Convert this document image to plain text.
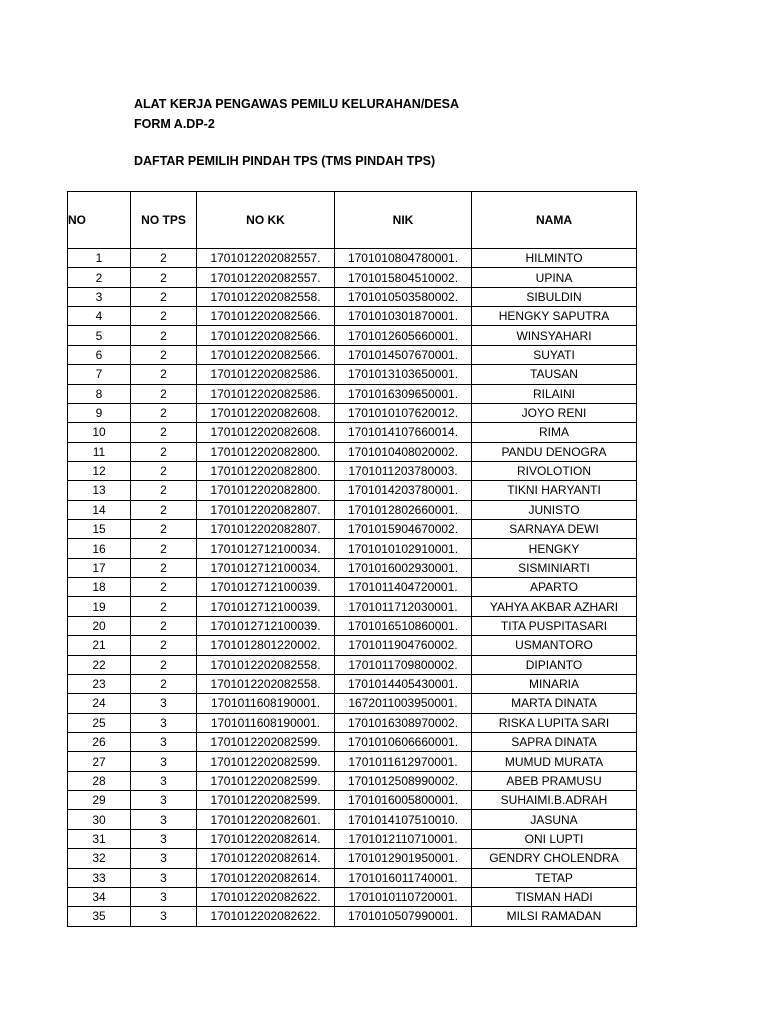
ALAT KERJA PENGAWAS PEMILU KELURAHAN/DESA
FORM A.DP-2
DAFTAR PEMILIH PINDAH TPS (TMS PINDAH TPS)
NO	NO TPS	NO KK	NIK	NAMA
1	2	1701012202082557.	1701010804780001.	HILMINTO
2	2	1701012202082557.	1701015804510002.	UPINA
3	2	1701012202082558.	1701010503580002.	SIBULDIN
4	2	1701012202082566.	1701010301870001.	HENGKY SAPUTRA
5	2	1701012202082566.	1701012605660001.	WINSYAHARI
6	2	1701012202082566.	1701014507670001.	SUYATI
7	2	1701012202082586.	1701013103650001.	TAUSAN
8	2	1701012202082586.	1701016309650001.	RILAINI
9	2	1701012202082608.	1701010107620012.	JOYO RENI
10	2	1701012202082608.	1701014107660014.	RIMA
11	2	1701012202082800.	1701010408020002.	PANDU DENOGRA
12	2	1701012202082800.	1701011203780003.	RIVOLOTION
13	2	1701012202082800.	1701014203780001.	TIKNI HARYANTI
14	2	1701012202082807.	1701012802660001.	JUNISTO
15	2	1701012202082807.	1701015904670002.	SARNAYA DEWI
16	2	1701012712100034.	1701010102910001.	HENGKY
17	2	1701012712100034.	1701016002930001.	SISMINIARTI
18	2	1701012712100039.	1701011404720001.	APARTO
19	2	1701012712100039.	1701011712030001.	YAHYA AKBAR AZHARI
20	2	1701012712100039.	1701016510860001.	TITA PUSPITASARI
21	2	1701012801220002.	1701011904760002.	USMANTORO
22	2	1701012202082558.	1701011709800002.	DIPIANTO
23	2	1701012202082558.	1701014405430001.	MINARIA
24	3	1701011608190001.	1672011003950001.	MARTA DINATA
25	3	1701011608190001.	1701016308970002.	RISKA LUPITA SARI
26	3	1701012202082599.	1701010606660001.	SAPRA DINATA
27	3	1701012202082599.	1701011612970001.	MUMUD MURATA
28	3	1701012202082599.	1701012508990002.	ABEB PRAMUSU
29	3	1701012202082599.	1701016005800001.	SUHAIMI.B.ADRAH
30	3	1701012202082601.	1701014107510010.	JASUNA
31	3	1701012202082614.	1701012110710001.	ONI LUPTI
32	3	1701012202082614.	1701012901950001.	GENDRY CHOLENDRA
33	3	1701012202082614.	1701016011740001.	TETAP
34	3	1701012202082622.	1701010110720001.	TISMAN HADI
35	3	1701012202082622.	1701010507990001.	MILSI RAMADAN
